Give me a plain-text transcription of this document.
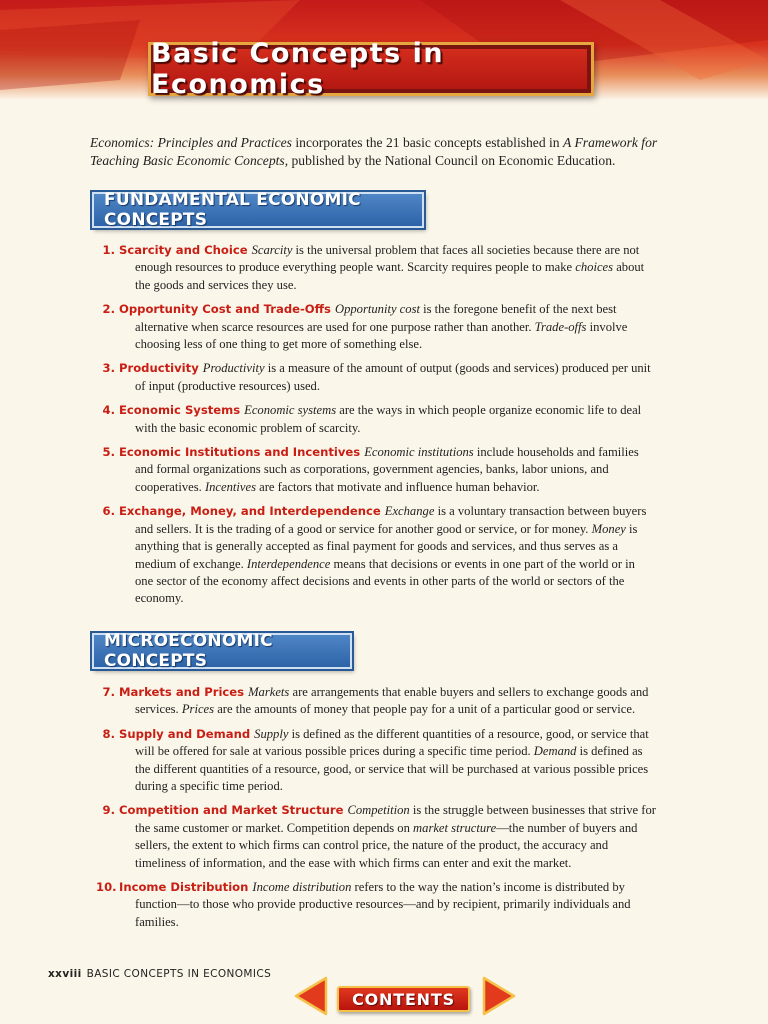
Basic Concepts in Economics

Economics: Principles and Practices incorporates the 21 basic concepts established in A Framework for Teaching Basic Economic Concepts, published by the National Council on Economic Education.

FUNDAMENTAL ECONOMIC CONCEPTS

1. Scarcity and Choice Scarcity is the universal problem that faces all societies because there are not enough resources to produce everything people want. Scarcity requires people to make choices about the goods and services they use.

2. Opportunity Cost and Trade-Offs Opportunity cost is the foregone benefit of the next best alternative when scarce resources are used for one purpose rather than another. Trade-offs involve choosing less of one thing to get more of something else.

3. Productivity Productivity is a measure of the amount of output (goods and services) produced per unit of input (productive resources) used.

4. Economic Systems Economic systems are the ways in which people organize economic life to deal with the basic economic problem of scarcity.

5. Economic Institutions and Incentives Economic institutions include households and families and formal organizations such as corporations, government agencies, banks, labor unions, and cooperatives. Incentives are factors that motivate and influence human behavior.

6. Exchange, Money, and Interdependence Exchange is a voluntary transaction between buyers and sellers. It is the trading of a good or service for another good or service, or for money. Money is anything that is generally accepted as final payment for goods and services, and thus serves as a medium of exchange. Interdependence means that decisions or events in one part of the world or in one sector of the economy affect decisions and events in other parts of the world or sectors of the economy.

MICROECONOMIC CONCEPTS

7. Markets and Prices Markets are arrangements that enable buyers and sellers to exchange goods and services. Prices are the amounts of money that people pay for a unit of a particular good or service.

8. Supply and Demand Supply is defined as the different quantities of a resource, good, or service that will be offered for sale at various possible prices during a specific time period. Demand is defined as the different quantities of a resource, good, or service that will be purchased at various possible prices during a specific time period.

9. Competition and Market Structure Competition is the struggle between businesses that strive for the same customer or market. Competition depends on market structure—the number of buyers and sellers, the extent to which firms can control price, the nature of the product, the accuracy and timeliness of information, and the ease with which firms can enter and exit the market.

10. Income Distribution Income distribution refers to the way the nation’s income is distributed by function—to those who provide productive resources—and by recipient, primarily individuals and families.

xxviii BASIC CONCEPTS IN ECONOMICS
CONTENTS
